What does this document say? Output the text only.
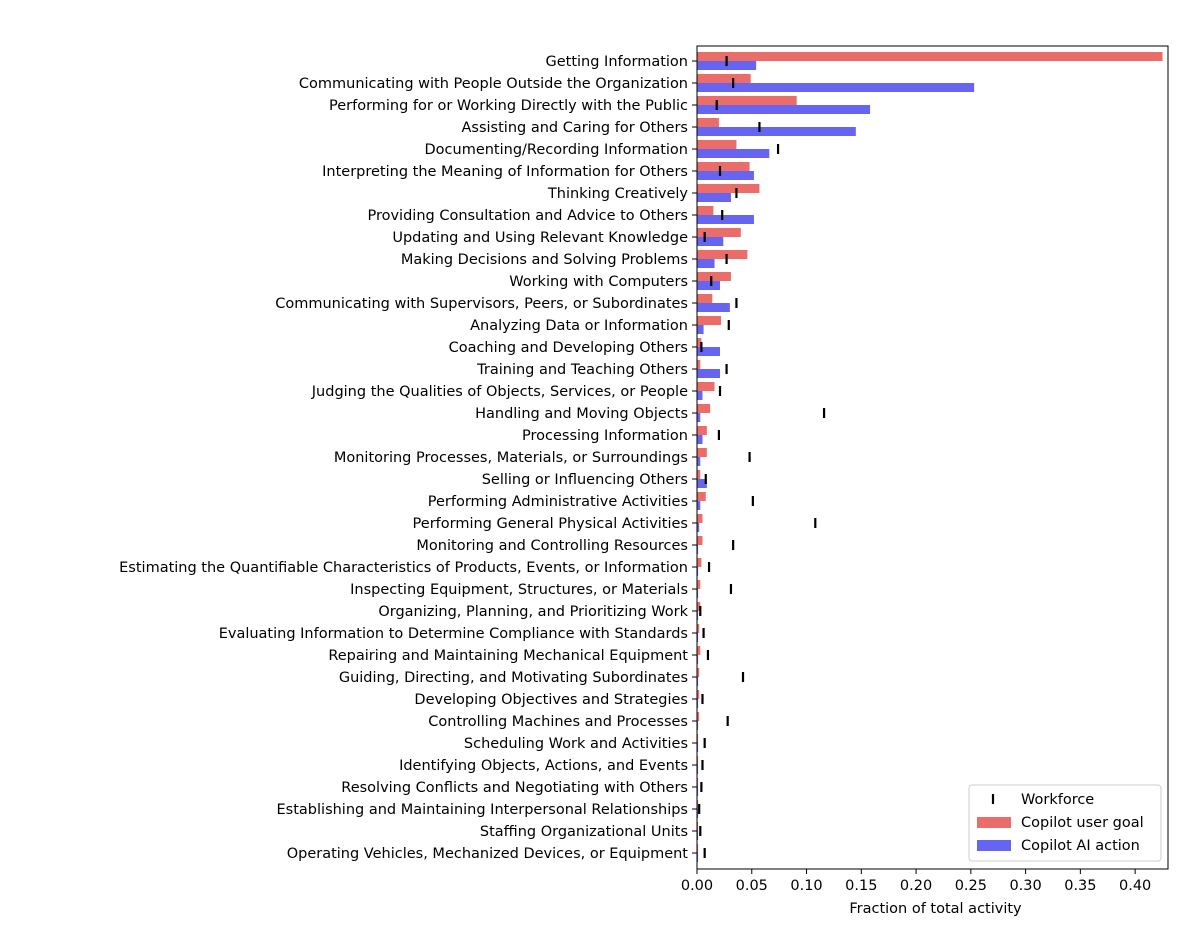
Getting Information
Communicating with People Outside the Organization
Performing for or Working Directly with the Public
Assisting and Caring for Others
Documenting/Recording Information
Interpreting the Meaning of Information for Others
Thinking Creatively
Providing Consultation and Advice to Others
Updating and Using Relevant Knowledge
Making Decisions and Solving Problems
Working with Computers
Communicating with Supervisors, Peers, or Subordinates
Analyzing Data or Information
Coaching and Developing Others
Training and Teaching Others
Judging the Qualities of Objects, Services, or People
Handling and Moving Objects
Processing Information
Monitoring Processes, Materials, or Surroundings
Selling or Influencing Others
Performing Administrative Activities
Performing General Physical Activities
Monitoring and Controlling Resources
Estimating the Quantifiable Characteristics of Products, Events, or Information
Inspecting Equipment, Structures, or Materials
Organizing, Planning, and Prioritizing Work
Evaluating Information to Determine Compliance with Standards
Repairing and Maintaining Mechanical Equipment
Guiding, Directing, and Motivating Subordinates
Developing Objectives and Strategies
Controlling Machines and Processes
Scheduling Work and Activities
Identifying Objects, Actions, and Events
Resolving Conflicts and Negotiating with Others
Establishing and Maintaining Interpersonal Relationships
Staffing Organizational Units
Operating Vehicles, Mechanized Devices, or Equipment
0.00 0.05 0.10 0.15 0.20 0.25 0.30 0.35 0.40
Fraction of total activity
Workforce
Copilot user goal
Copilot AI action
